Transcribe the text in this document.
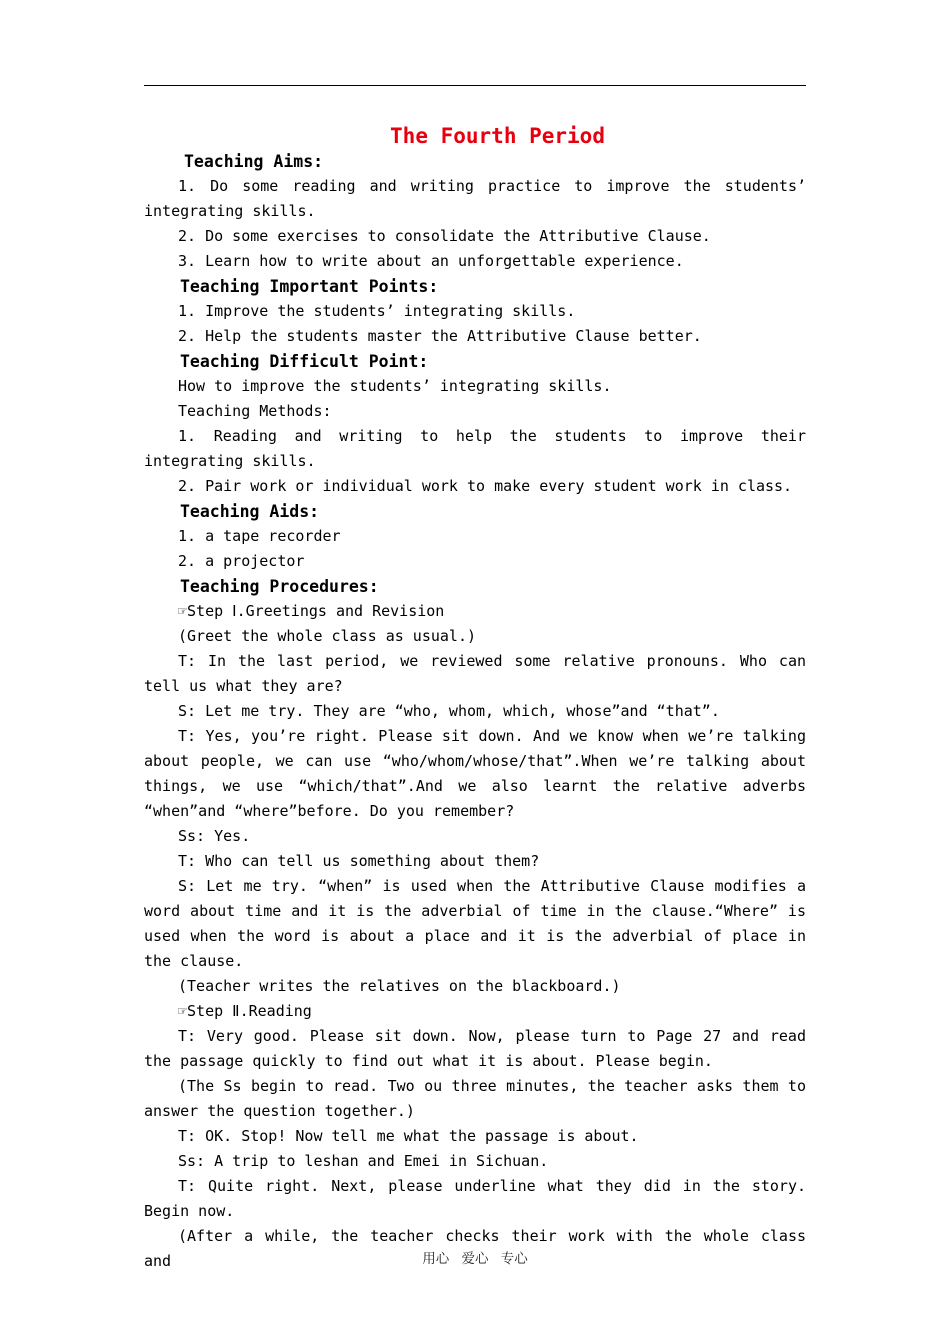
The Fourth Period

Teaching Aims:

1. Do some reading and writing practice to improve the students’ integrating skills.

2. Do some exercises to consolidate the Attributive Clause.

3. Learn how to write about an unforgettable experience.

Teaching Important Points:

1. Improve the students’ integrating skills.

2. Help the students master the Attributive Clause better.

Teaching Difficult Point:

How to improve the students’ integrating skills.

Teaching Methods:

1. Reading and writing to help the students to improve their integrating skills.

2. Pair work or individual work to make every student work in class.

Teaching Aids:

1. a tape recorder

2. a projector

Teaching Procedures:

☞Step Ⅰ.Greetings and Revision

(Greet the whole class as usual.)

T: In the last period, we reviewed some relative pronouns. Who can tell us what they are?

S: Let me try. They are “who, whom, which, whose”and “that”.

T: Yes, you’re right. Please sit down. And we know when we’re talking about people, we can use “who/whom/whose/that”.When we’re talking about things, we use “which/that”.And we also learnt the relative adverbs “when”and “where”before. Do you remember?

Ss: Yes.

T: Who can tell us something about them?

S: Let me try. “when” is used when the Attributive Clause modifies a word about time and it is the adverbial of time in the clause.“Where” is used when the word is about a place and it is the adverbial of place in the clause.

(Teacher writes the relatives on the blackboard.)

☞Step Ⅱ.Reading

T: Very good. Please sit down. Now, please turn to Page 27 and read the passage quickly to find out what it is about. Please begin.

(The Ss begin to read. Two ou three minutes, the teacher asks them to answer the question together.)

T: OK. Stop! Now tell me what the passage is about.

Ss: A trip to leshan and Emei in Sichuan.

T: Quite right. Next, please underline what they did in the story. Begin now.

(After a while, the teacher checks their work with the whole class and	用心 爱心 专心
